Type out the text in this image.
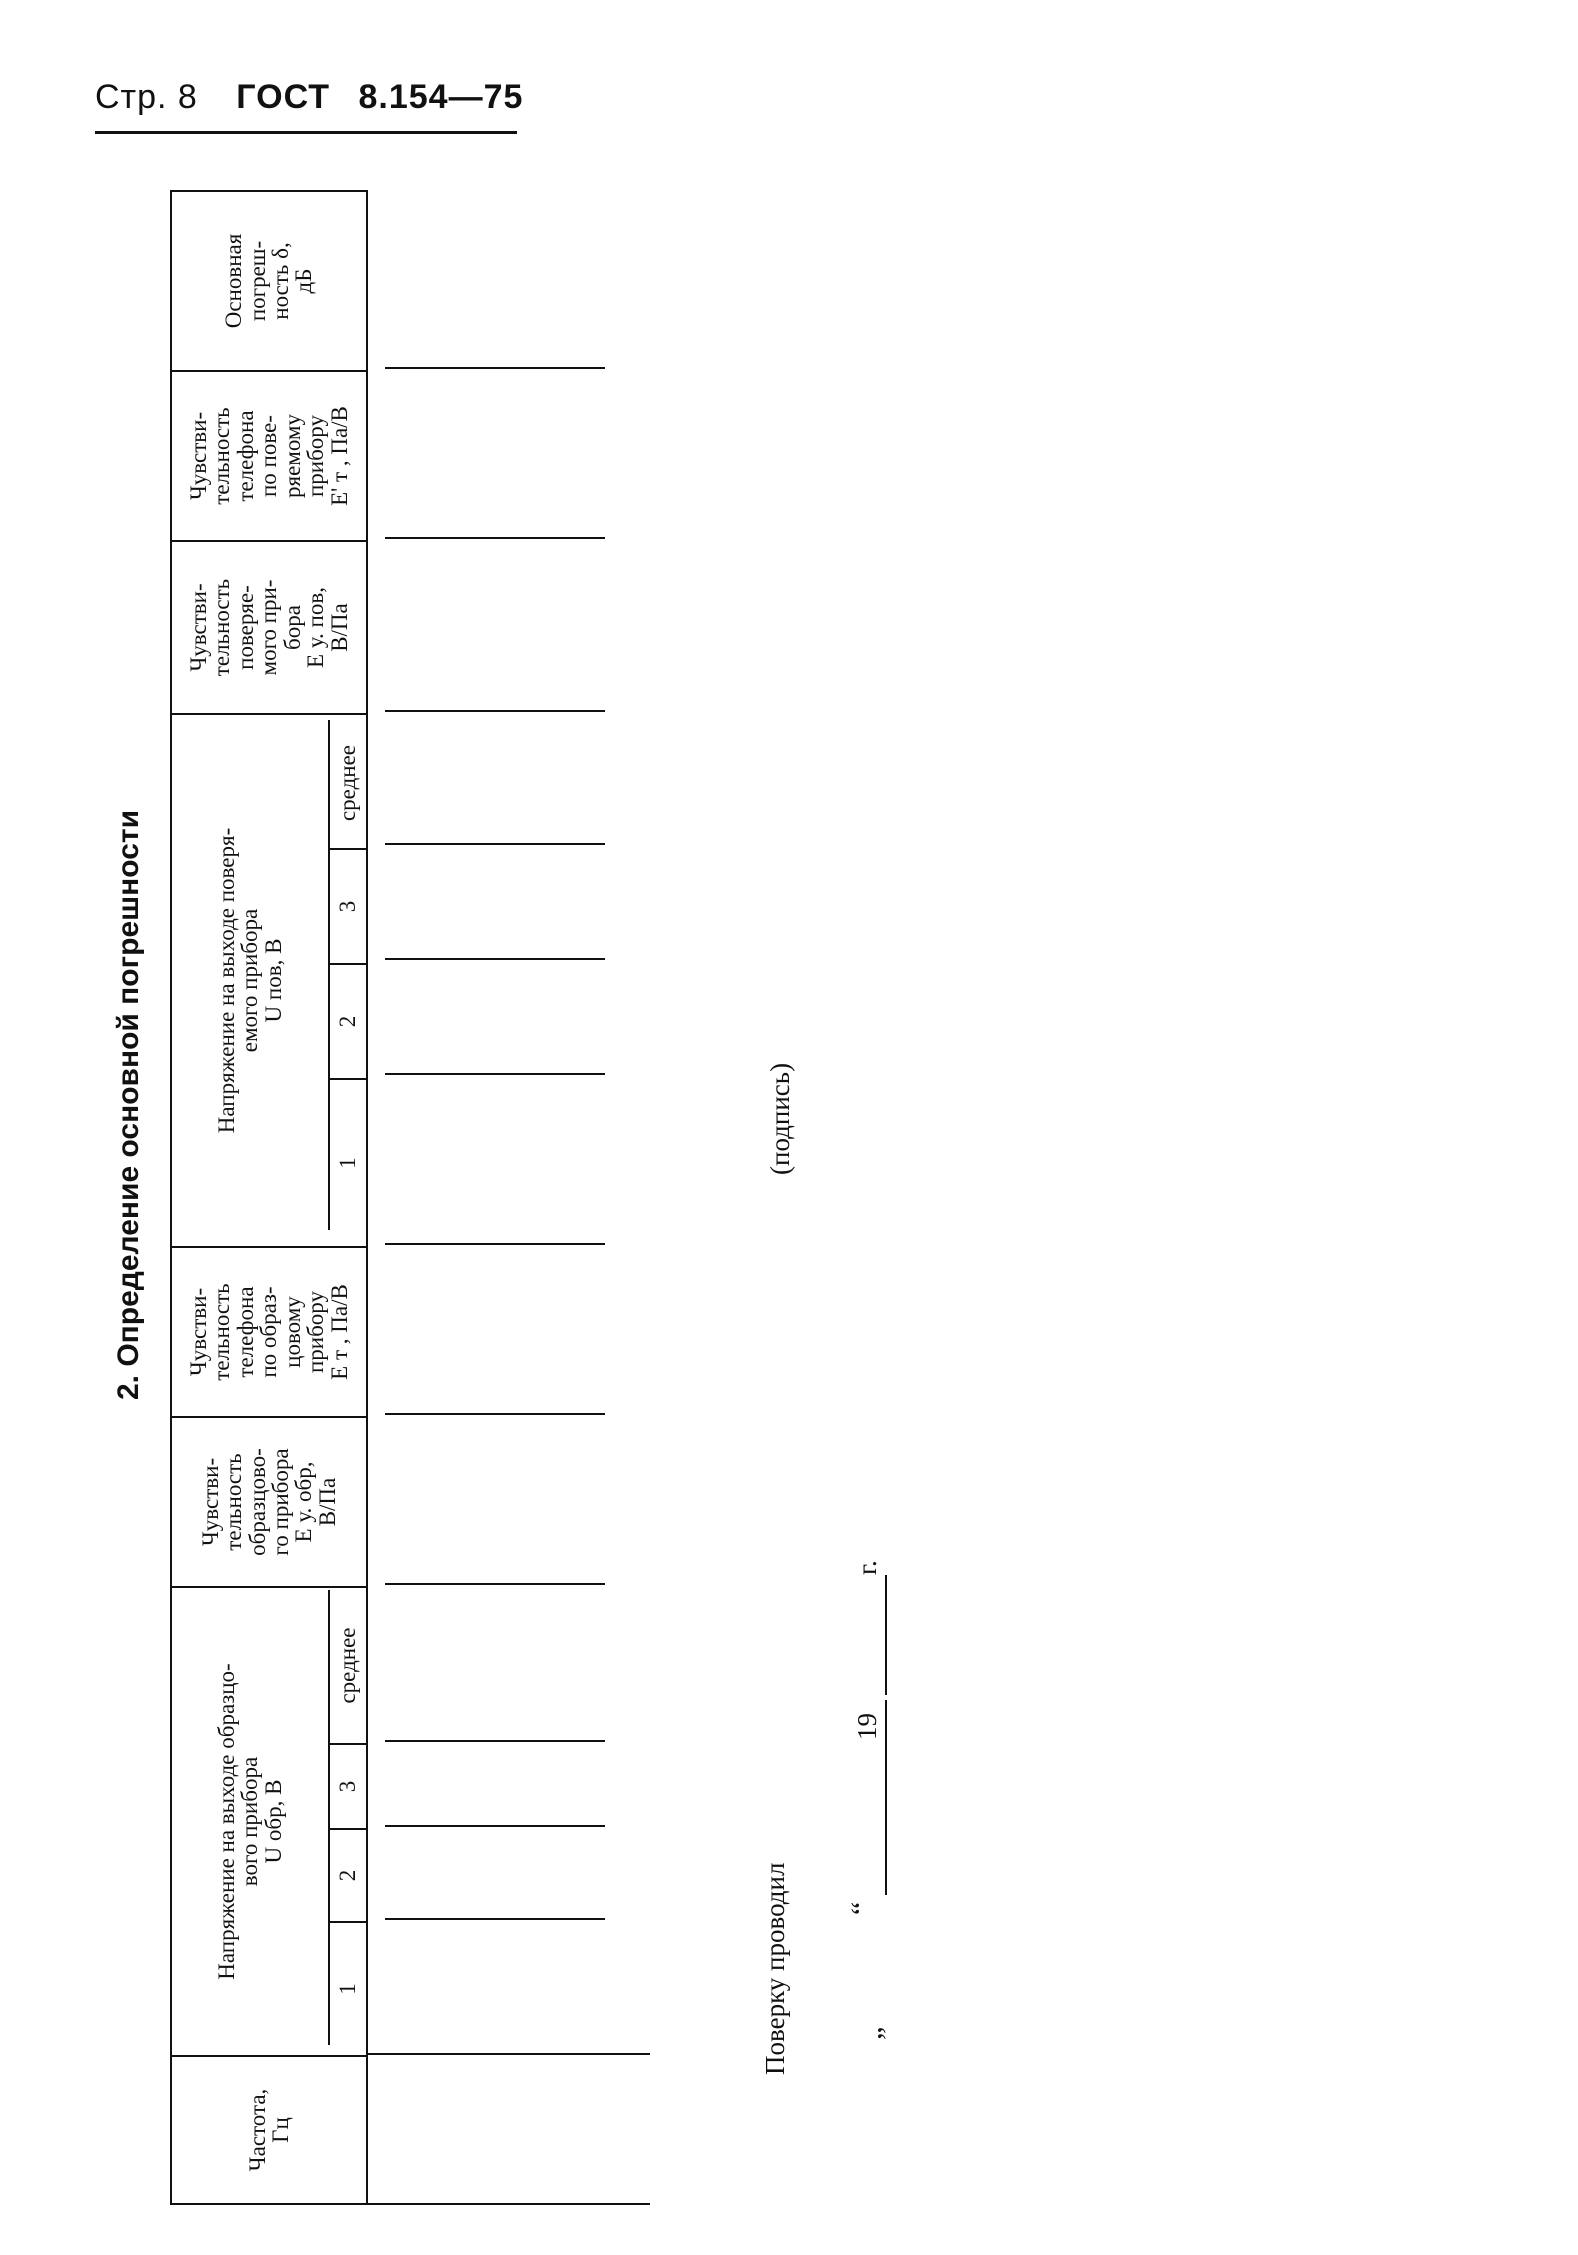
Стр. 8 ГОСТ 8.154—75
2. Определение основной погрешности
Частота,
Гц
Напряжение на выходе образцо-
вого прибора
U обр, В
Чувстви-
тельность
образцово-
го прибора
E у. обр,
В/Па
Чувстви-
тельность
телефона
по образ-
цовому
прибору
E т , Па/В
Напряжение на выходе поверя-
емого прибора
U пов, В
Чувстви-
тельность
поверяе-
мого при-
бора
E у. пов,
В/Па
Чувстви-
тельность
телефона
по пове-
ряемому
прибору
E' т , Па/В
Основная
погреш-
ность δ,
дБ
1
2
3
среднее
1
2
3
среднее
Поверку проводил
(подпись)
„
“
19
г.
